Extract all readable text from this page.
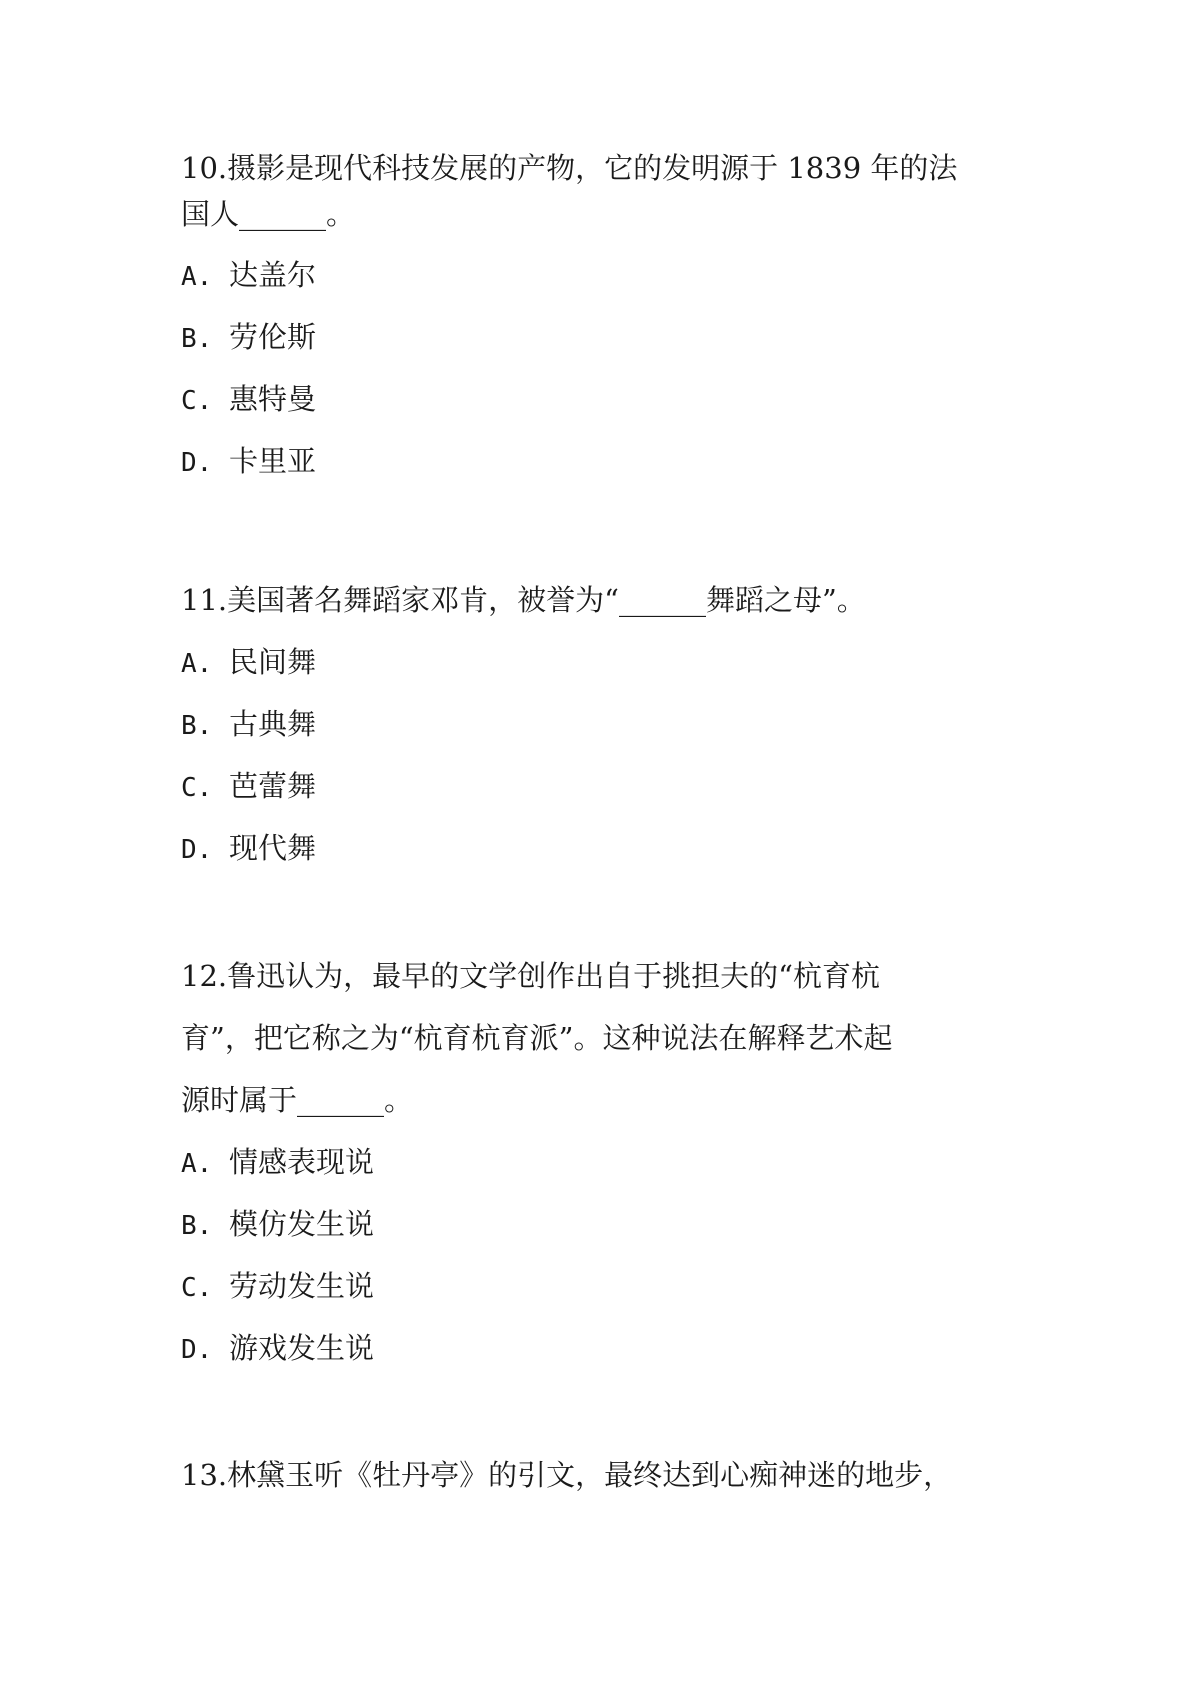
10.摄影是现代科技发展的产物，它的发明源于 1839 年的法
国人______。
A. 达盖尔
B. 劳伦斯
C. 惠特曼
D. 卡里亚
11.美国著名舞蹈家邓肯，被誉为“______舞蹈之母”。
A. 民间舞
B. 古典舞
C. 芭蕾舞
D. 现代舞
12.鲁迅认为，最早的文学创作出自于挑担夫的“杭育杭
育”，把它称之为“杭育杭育派”。这种说法在解释艺术起
源时属于______。
A. 情感表现说
B. 模仿发生说
C. 劳动发生说
D. 游戏发生说
13.林黛玉听《牡丹亭》的引文，最终达到心痴神迷的地步，
